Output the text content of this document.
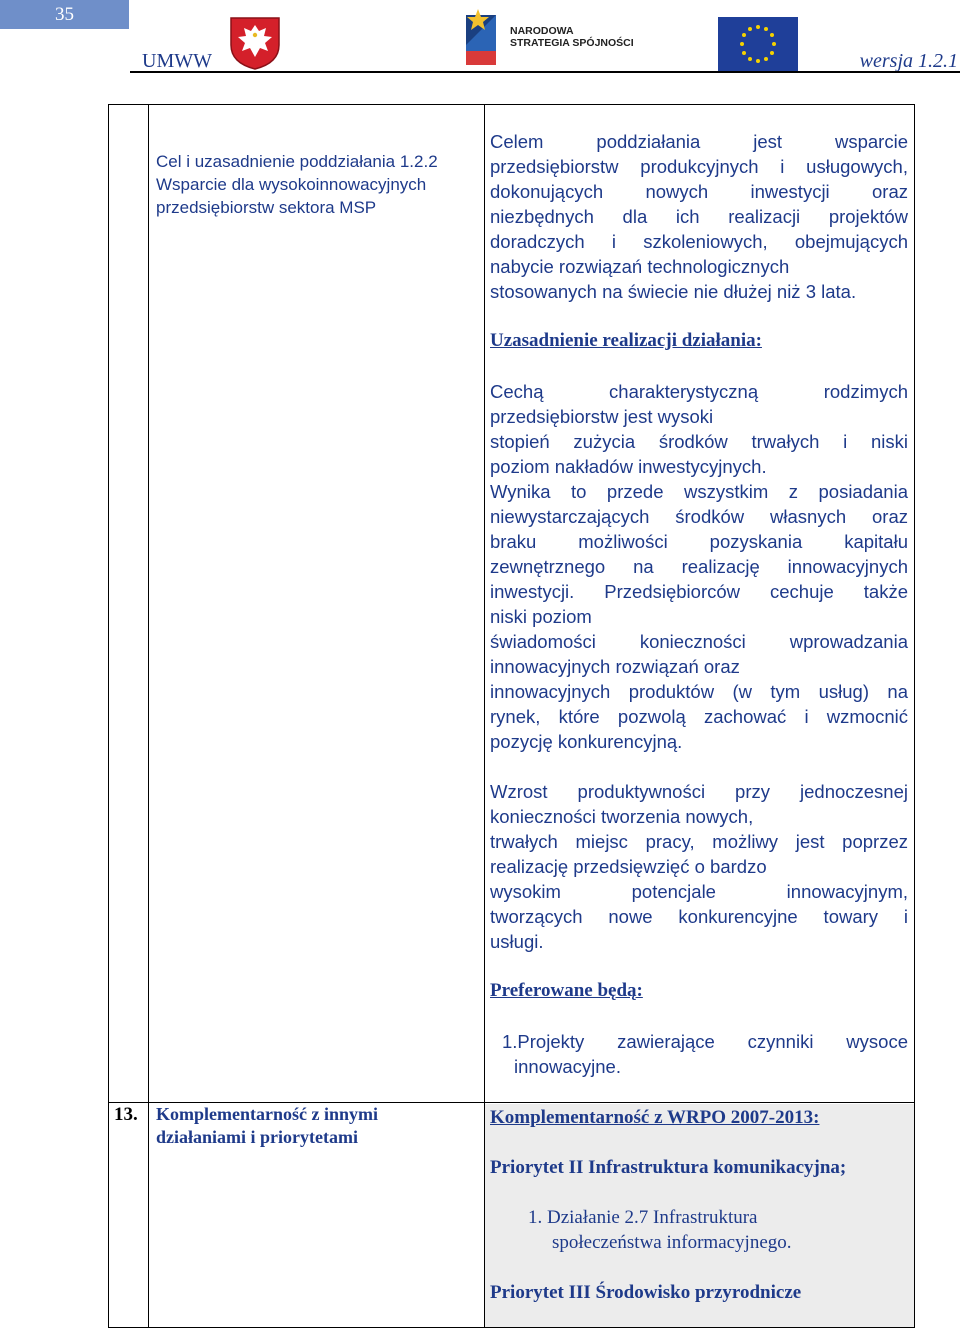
35
NARODOWA
STRATEGIA SPÓJNOŚCI
UMWW	wersja 1.2.1
Cel i uzasadnienie poddziałania 1.2.2
Wsparcie dla wysokoinnowacyjnych
przedsiębiorstw sektora MSP
Celem poddziałania jest wsparcie
przedsiębiorstw produkcyjnych i usługowych,
dokonujących nowych inwestycji oraz
niezbędnych dla ich realizacji projektów
doradczych i szkoleniowych, obejmujących
nabycie rozwiązań technologicznych
stosowanych na świecie nie dłużej niż 3 lata.
Uzasadnienie realizacji działania:
Cechą charakterystyczną rodzimych
przedsiębiorstw jest wysoki
stopień zużycia środków trwałych i niski
poziom nakładów inwestycyjnych.
Wynika to przede wszystkim z posiadania
niewystarczających środków własnych oraz
braku możliwości pozyskania kapitału
zewnętrznego na realizację innowacyjnych
inwestycji. Przedsiębiorców cechuje także
niski poziom
świadomości konieczności wprowadzania
innowacyjnych rozwiązań oraz
innowacyjnych produktów (w tym usług) na
rynek, które pozwolą zachować i wzmocnić
pozycję konkurencyjną.
Wzrost produktywności przy jednoczesnej
konieczności tworzenia nowych,
trwałych miejsc pracy, możliwy jest poprzez
realizację przedsięwzięć o bardzo
wysokim potencjale innowacyjnym,
tworzących nowe konkurencyjne towary i
usługi.
Preferowane będą:
1.Projekty zawierające czynniki wysoce
innowacyjne.
13. Komplementarność z innymi
działaniami i priorytetami
Komplementarność z WRPO 2007-2013:
Priorytet II Infrastruktura komunikacyjna;
1. Działanie 2.7 Infrastruktura
społeczeństwa informacyjnego.
Priorytet III Środowisko przyrodnicze
